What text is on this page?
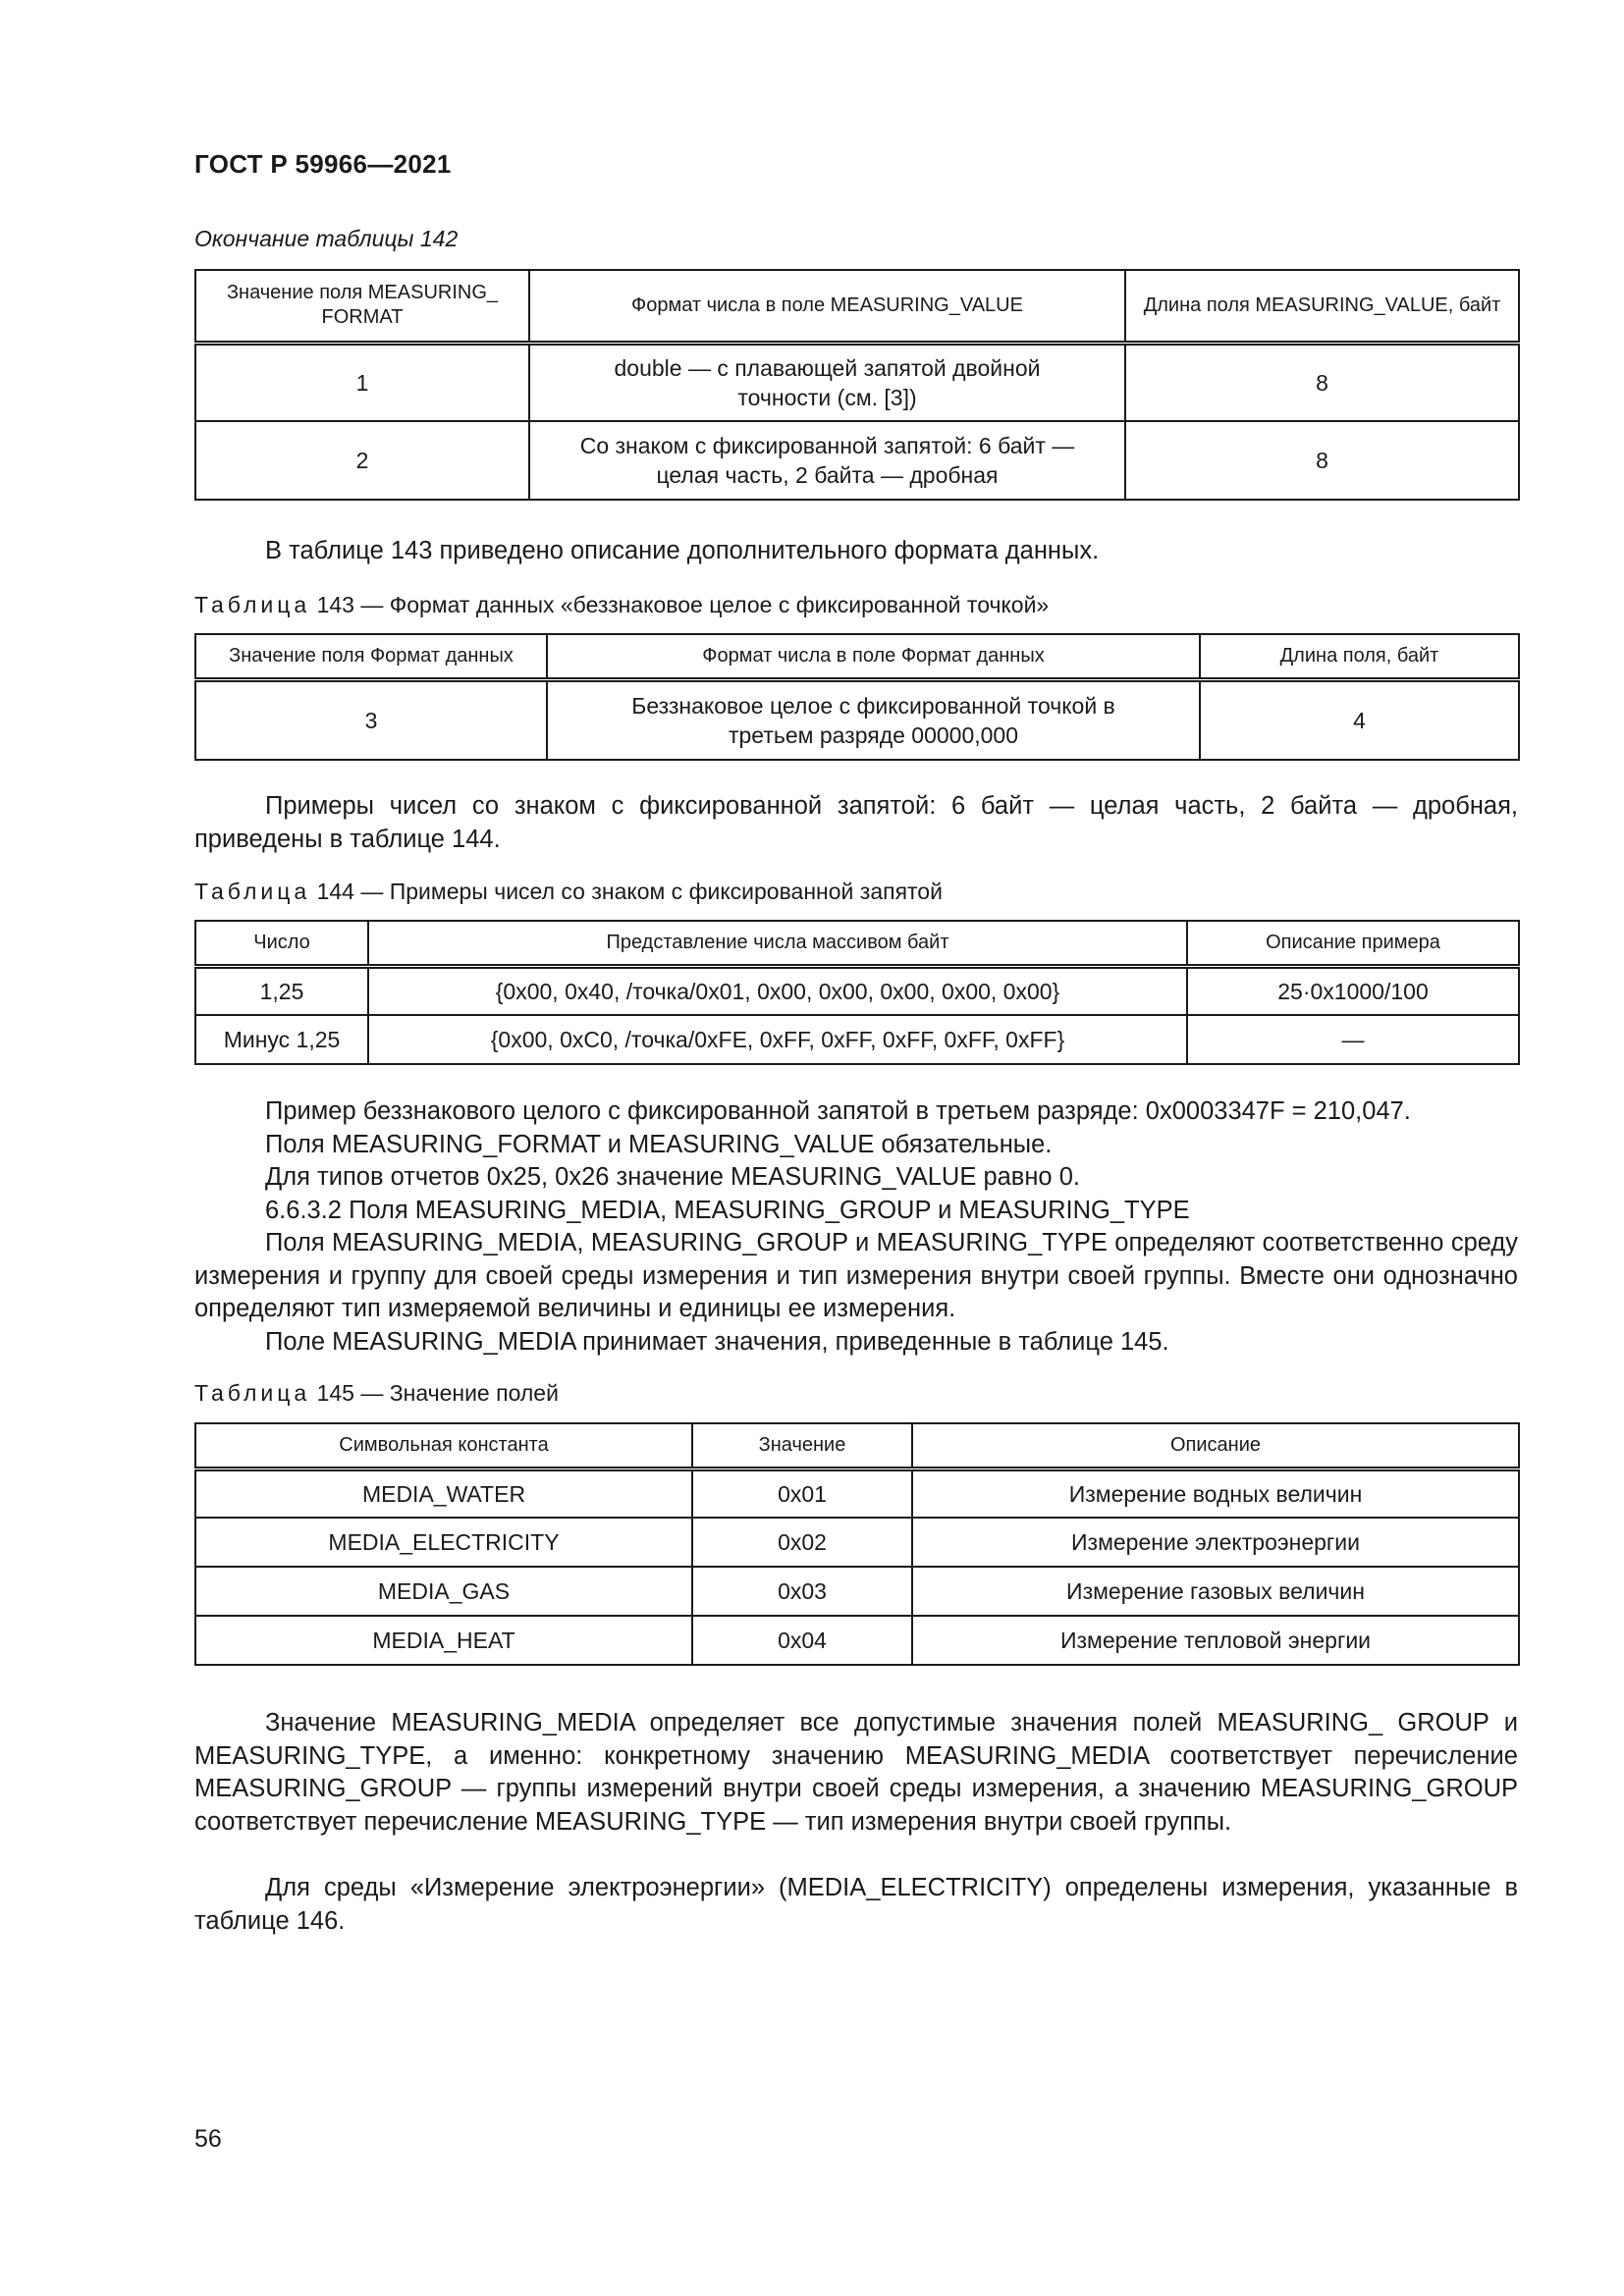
ГОСТ Р 59966—2021
Окончание таблицы 142
Значение поля MEASURING_ FORMAT	Формат числа в поле MEASURING_VALUE	Длина поля MEASURING_VALUE, байт
1	double — с плавающей запятой двойной точности (см. [3])	8
2	Со знаком с фиксированной запятой: 6 байт — целая часть, 2 байта — дробная	8
В таблице 143 приведено описание дополнительного формата данных.
Таблица 143 — Формат данных «беззнаковое целое с фиксированной точкой»
Значение поля Формат данных	Формат числа в поле Формат данных	Длина поля, байт
3	Беззнаковое целое с фиксированной точкой в третьем разряде 00000,000	4
Примеры чисел со знаком с фиксированной запятой: 6 байт — целая часть, 2 байта — дробная, приведены в таблице 144.
Таблица 144 — Примеры чисел со знаком с фиксированной запятой
Число	Представление числа массивом байт	Описание примера
1,25	{0x00, 0x40, /точка/0x01, 0x00, 0x00, 0x00, 0x00, 0x00}	25·0x1000/100
Минус 1,25	{0x00, 0xC0, /точка/0xFE, 0xFF, 0xFF, 0xFF, 0xFF, 0xFF}	—
Пример беззнакового целого с фиксированной запятой в третьем разряде: 0x0003347F = 210,047.
Поля MEASURING_FORMAT и MEASURING_VALUE обязательные.
Для типов отчетов 0x25, 0x26 значение MEASURING_VALUE равно 0.
6.6.3.2 Поля MEASURING_MEDIA, MEASURING_GROUP и MEASURING_TYPE
Поля MEASURING_MEDIA, MEASURING_GROUP и MEASURING_TYPE определяют соответственно среду измерения и группу для своей среды измерения и тип измерения внутри своей группы. Вместе они однозначно определяют тип измеряемой величины и единицы ее измерения.
Поле MEASURING_MEDIA принимает значения, приведенные в таблице 145.
Таблица 145 — Значение полей
Символьная константа	Значение	Описание
MEDIA_WATER	0x01	Измерение водных величин
MEDIA_ELECTRICITY	0x02	Измерение электроэнергии
MEDIA_GAS	0x03	Измерение газовых величин
MEDIA_HEAT	0x04	Измерение тепловой энергии
Значение MEASURING_MEDIA определяет все допустимые значения полей MEASURING_ GROUP и MEASURING_TYPE, а именно: конкретному значению MEASURING_MEDIA соответствует перечисление MEASURING_GROUP — группы измерений внутри своей среды измерения, а значению MEASURING_GROUP соответствует перечисление MEASURING_TYPE — тип измерения внутри своей группы.
Для среды «Измерение электроэнергии» (MEDIA_ELECTRICITY) определены измерения, указанные в таблице 146.
56
